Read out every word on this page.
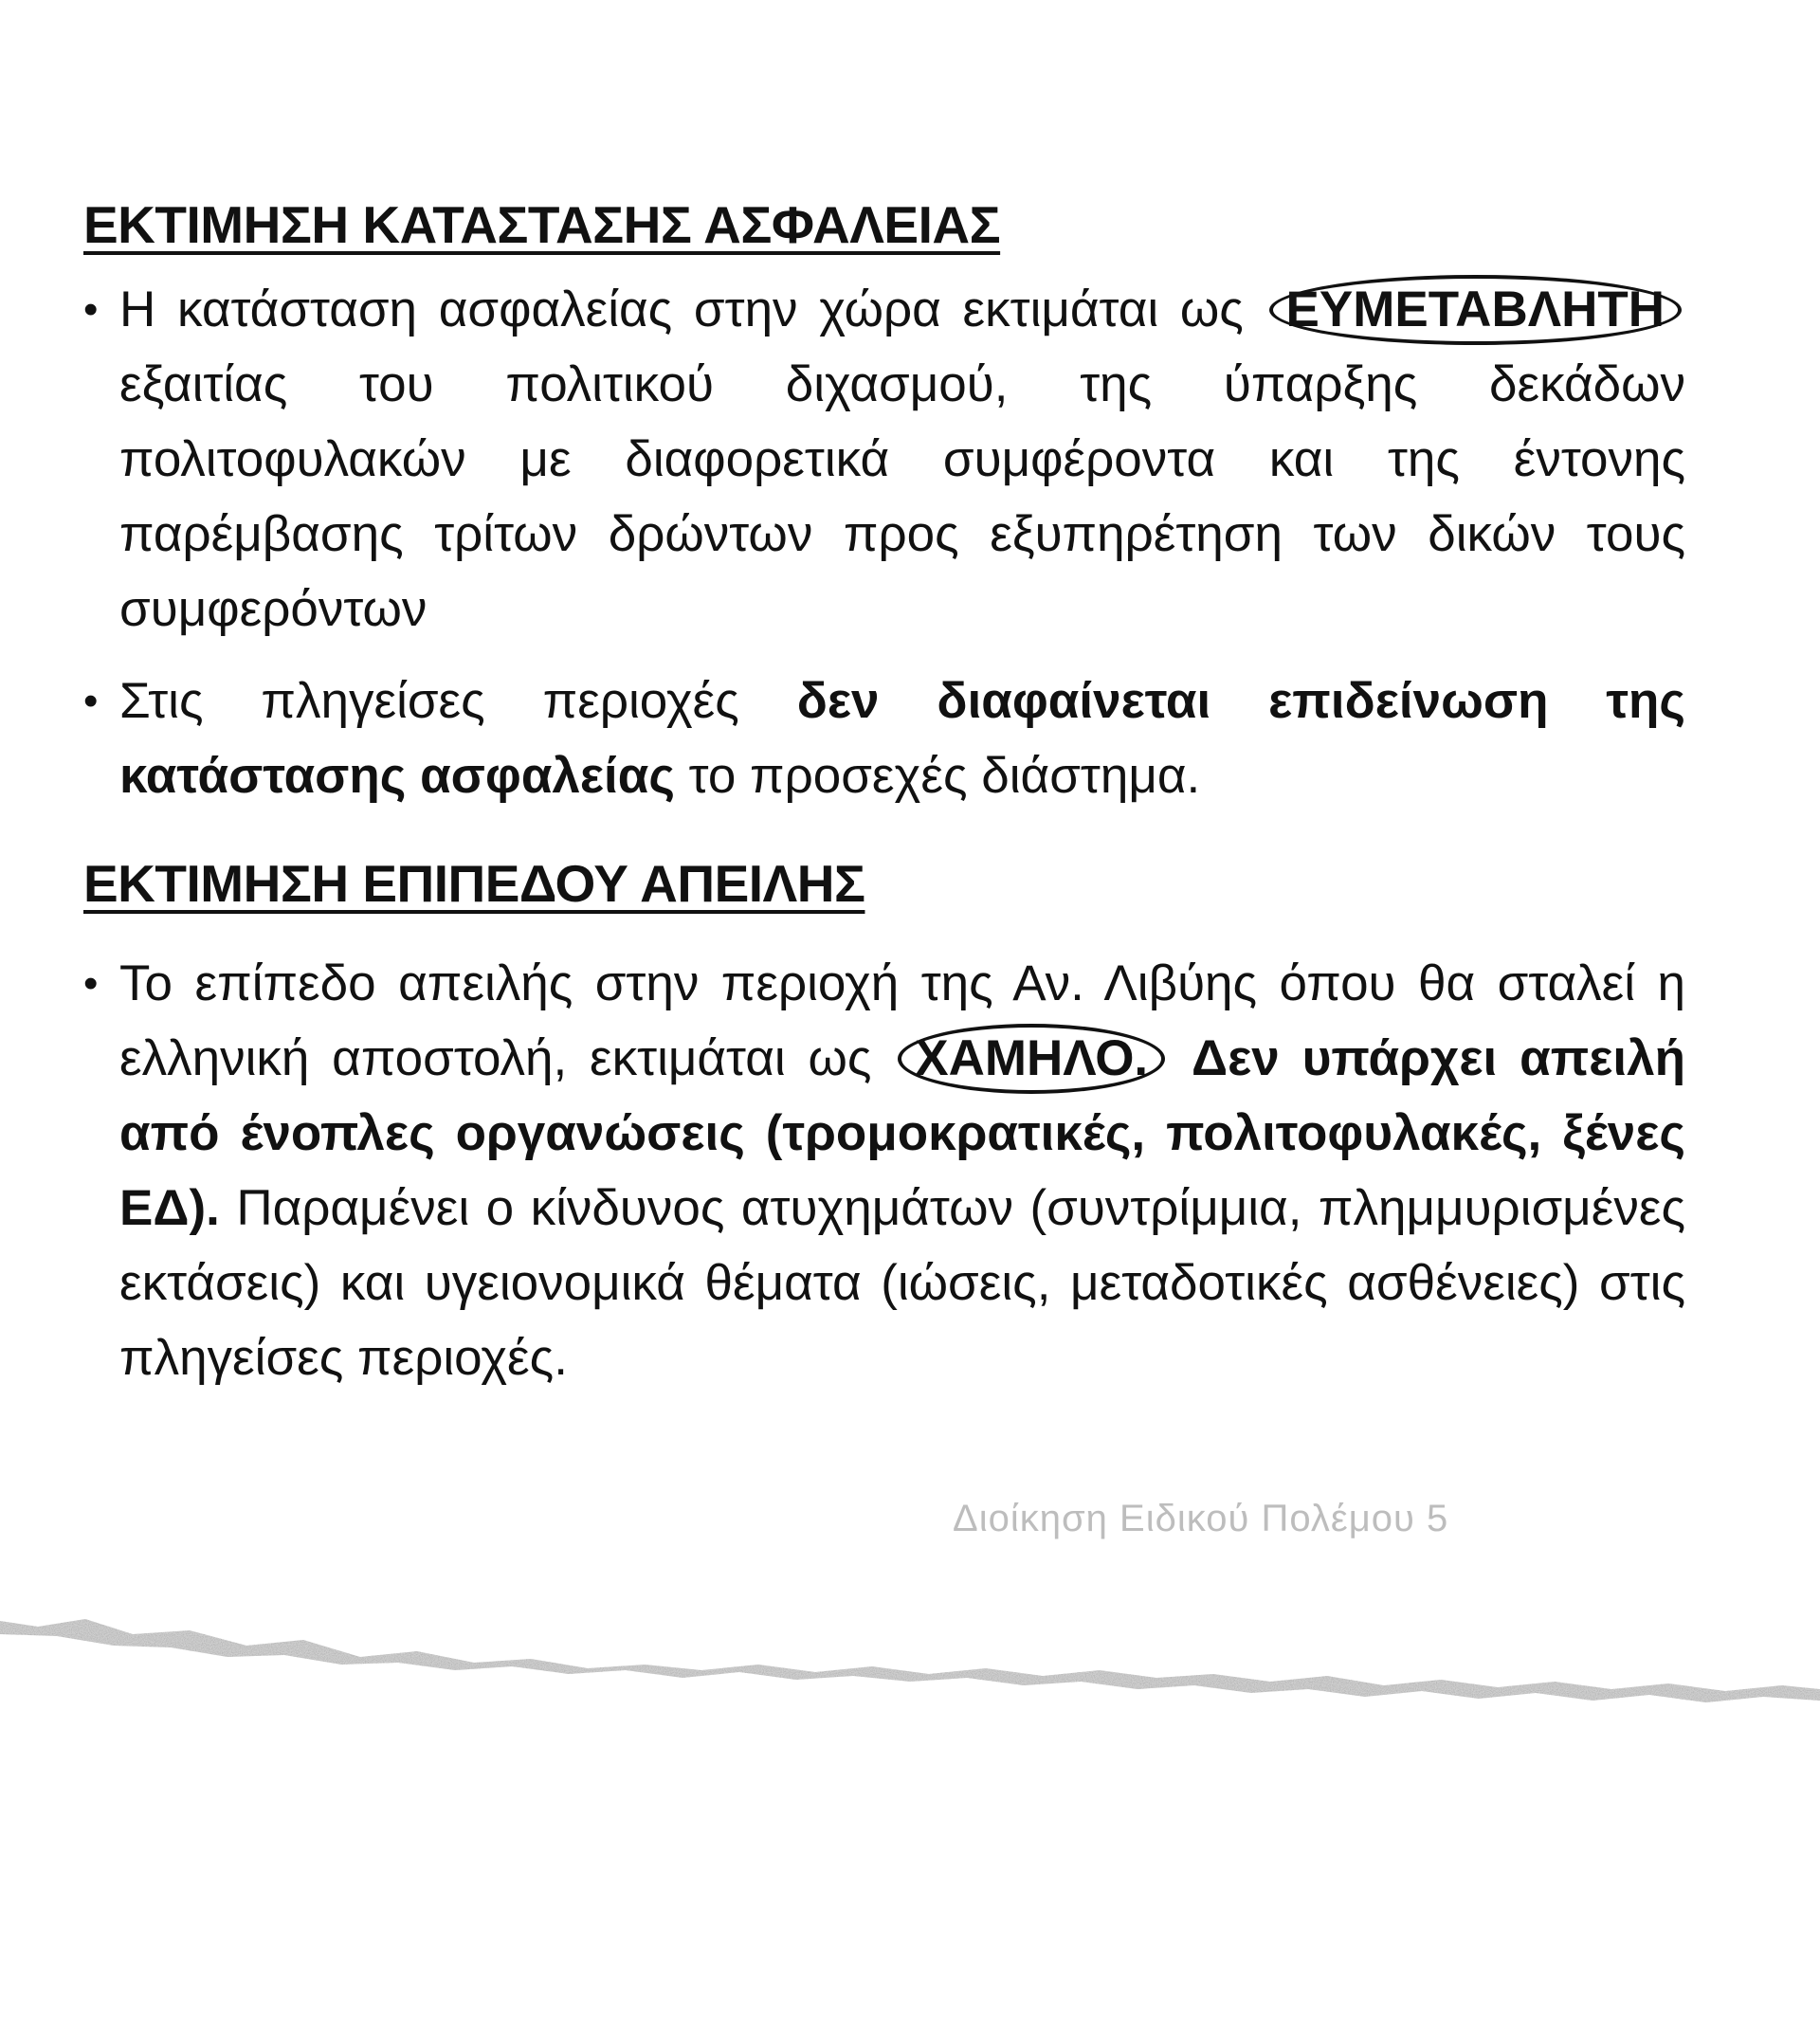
ΕΚΤΙΜΗΣΗ ΚΑΤΑΣΤΑΣΗΣ ΑΣΦΑΛΕΙΑΣ
• Η κατάσταση ασφαλείας στην χώρα εκτιμάται ως ΕΥΜΕΤΑΒΛΗΤΗ εξαιτίας του πολιτικού διχασμού, της ύπαρξης δεκάδων πολιτοφυλακών με διαφορετικά συμφέροντα και της έντονης παρέμβασης τρίτων δρώντων προς εξυπηρέτηση των δικών τους συμφερόντων
• Στις πληγείσες περιοχές δεν διαφαίνεται επιδείνωση της κατάστασης ασφαλείας το προσεχές διάστημα.
ΕΚΤΙΜΗΣΗ ΕΠΙΠΕΔΟΥ ΑΠΕΙΛΗΣ
• Το επίπεδο απειλής στην περιοχή της Αν. Λιβύης όπου θα σταλεί η ελληνική αποστολή, εκτιμάται ως ΧΑΜΗΛΟ. Δεν υπάρχει απειλή από ένοπλες οργανώσεις (τρομοκρατικές, πολιτοφυλακές, ξένες ΕΔ). Παραμένει ο κίνδυνος ατυχημάτων (συντρίμμια, πλημμυρισμένες εκτάσεις) και υγειονομικά θέματα (ιώσεις, μεταδοτικές ασθένειες) στις πληγείσες περιοχές.
Διοίκηση Ειδικού Πολέμου 5
